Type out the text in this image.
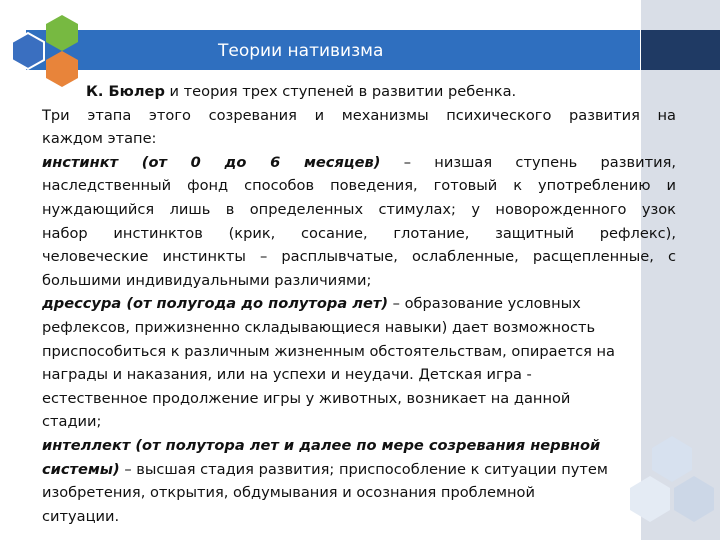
Теории нативизма

К. Бюлер и теория трех ступеней в развитии ребенка.

Три этапа этого созревания и механизмы психического развития на

каждом этапе:

инстинкт (от 0 до 6 месяцев) – низшая ступень развития,

наследственный фонд способов поведения, готовый к употреблению и

нуждающийся лишь в определенных стимулах; у новорожденного узок

набор инстинктов (крик, сосание, глотание, защитный рефлекс),

человеческие инстинкты – расплывчатые, ослабленные, расщепленные, с

большими индивидуальными различиями;

дрессура (от полугода до полутора лет) – образование условных

рефлексов, прижизненно складывающиеся навыки) дает возможность

приспособиться к различным жизненным обстоятельствам, опирается на

награды и наказания, или на успехи и неудачи. Детская игра -

естественное продолжение игры у животных, возникает на данной

стадии;

интеллект (от полутора лет и далее по мере созревания нервной

системы) – высшая стадия развития; приспособление к ситуации путем

изобретения, открытия, обдумывания и осознания проблемной

ситуации.
